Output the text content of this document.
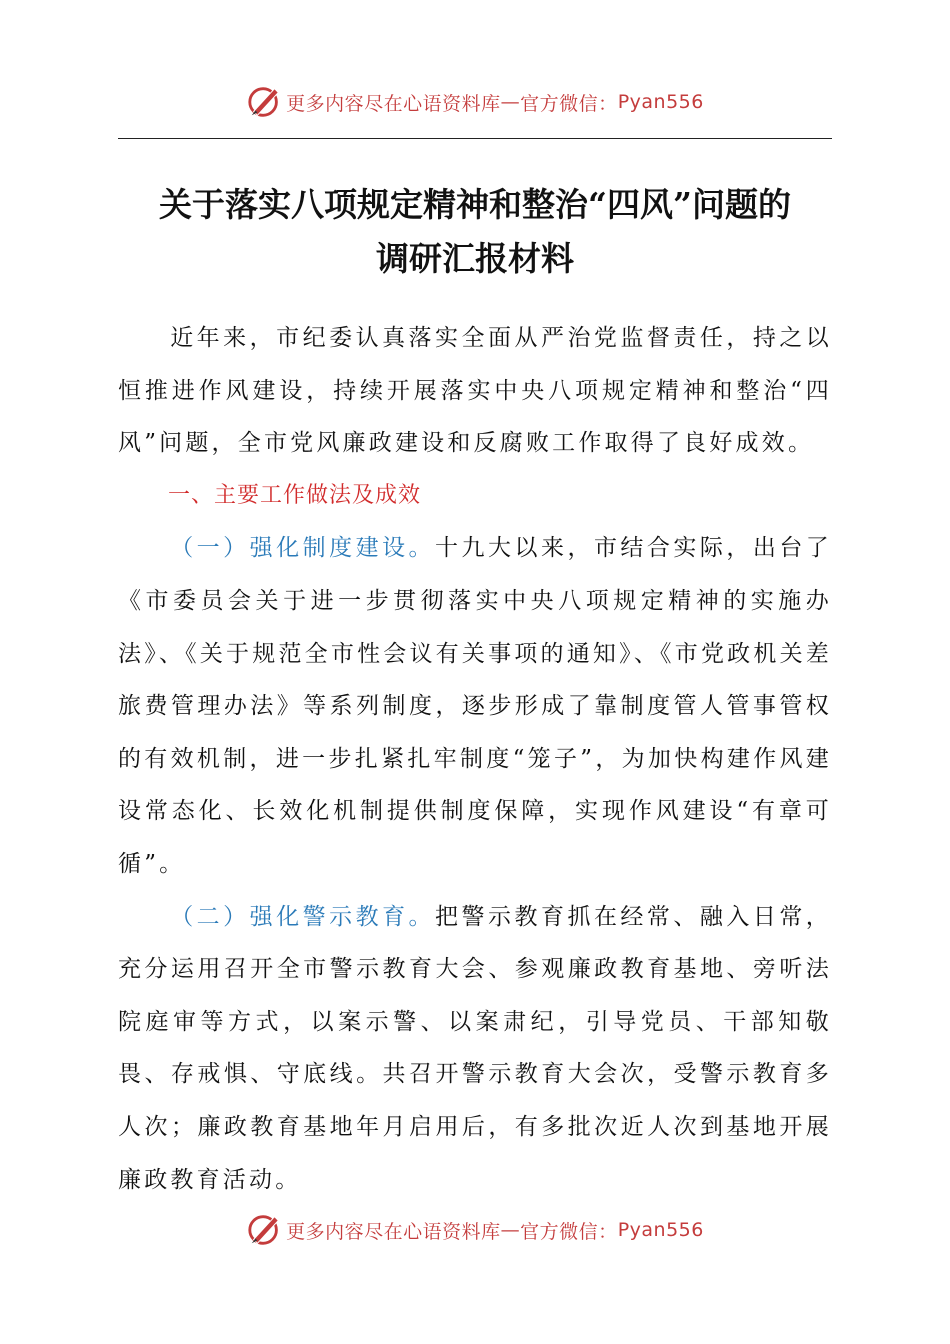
更多内容尽在心语资料库 — 官方微信： Pyan556
关于落实八项规定精神和整治“四风”问题的
调研汇报材料

近年来，市纪委认真落实全面从严治党监督责任，持之以恒推进作风建设，持续开展落实中央八项规定精神和整治“四风”问题，全市党风廉政建设和反腐败工作取得了良好成效。

一、主要工作做法及成效

（一）强化制度建设。十九大以来，市结合实际，出台了《市委员会关于进一步贯彻落实中央八项规定精神的实施办法》、《关于规范全市性会议有关事项的通知》、《市党政机关差旅费管理办法》等系列制度，逐步形成了靠制度管人管事管权的有效机制，进一步扎紧扎牢制度“笼子”，为加快构建作风建设常态化、长效化机制提供制度保障，实现作风建设“有章可循”。

（二）强化警示教育。把警示教育抓在经常、融入日常，充分运用召开全市警示教育大会、参观廉政教育基地、旁听法院庭审等方式，以案示警、以案肃纪，引导党员、干部知敬畏、存戒惧、守底线。共召开警示教育大会次，受警示教育多人次；廉政教育基地年月启用后，有多批次近人次到基地开展廉政教育活动。

更多内容尽在心语资料库 — 官方微信： Pyan556
